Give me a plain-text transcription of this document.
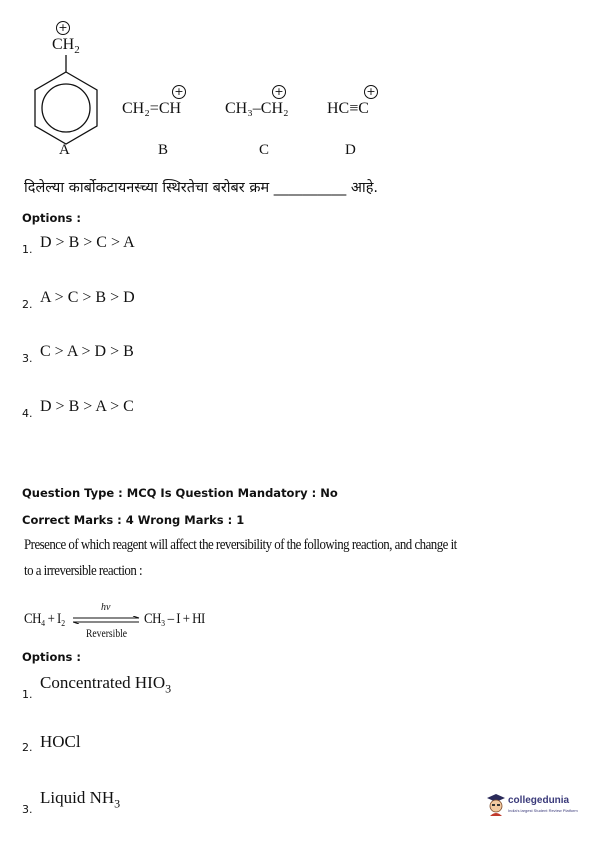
+
$CH_2$
+
CH₂=CH
+
CH₃–CH₂
+
HC≡C
A	B	C	D
दिलेल्या कार्बोकटायनस्च्या स्थिरतेचा बरोबर क्रम __________ आहे.
Options :
1. D > B > C > A
2. A > C > B > D
3. C > A > D > B
4. D > B > A > C
Question Type : MCQ Is Question Mandatory : No
Correct Marks : 4 Wrong Marks : 1
Presence of which reagent will affect the reversibility of the following reaction, and change it
to a irreversible reaction :
CH₄ + I₂
hν
Reversible
CH₃ – I + HI
Options :
1.
Concentrated $HIO_3$
2. HOCl
3.
Liquid $NH_3$	collegedunia
India's largest Student Review Platform
